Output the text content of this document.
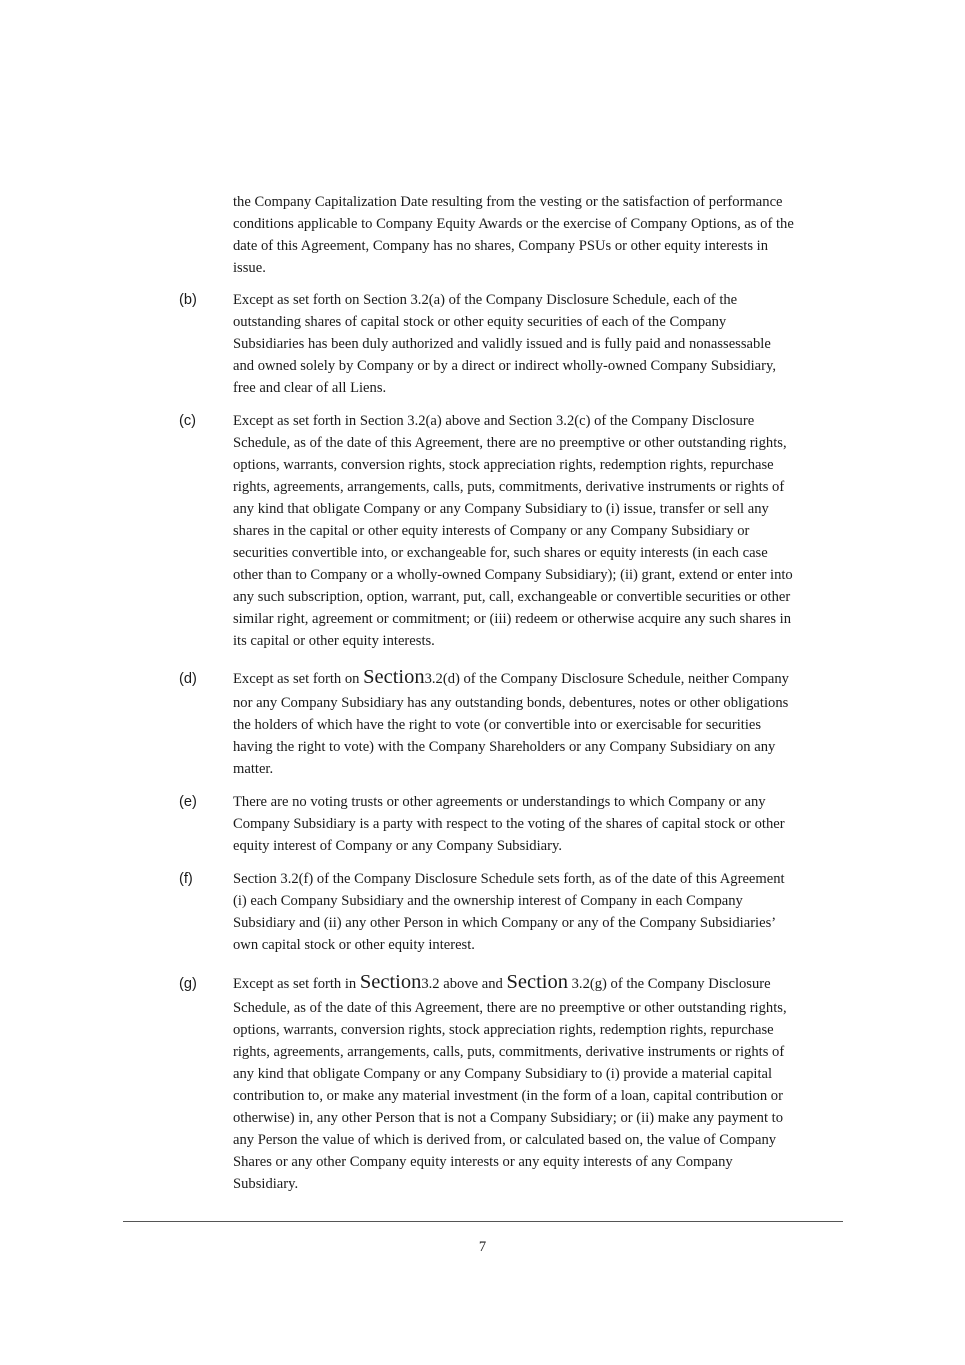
the Company Capitalization Date resulting from the vesting or the satisfaction of performance
conditions applicable to Company Equity Awards or the exercise of Company Options, as of the
date of this Agreement, Company has no shares, Company PSUs or other equity interests in
issue.
(b) Except as set forth on Section 3.2(a) of the Company Disclosure Schedule, each of the
outstanding shares of capital stock or other equity securities of each of the Company
Subsidiaries has been duly authorized and validly issued and is fully paid and nonassessable
and owned solely by Company or by a direct or indirect wholly-owned Company Subsidiary,
free and clear of all Liens.
(c)	Except as set forth in Section 3.2(a) above and Section 3.2(c) of the Company Disclosure
Schedule, as of the date of this Agreement, there are no preemptive or other outstanding rights,
options, warrants, conversion rights, stock appreciation rights, redemption rights, repurchase
rights, agreements, arrangements, calls, puts, commitments, derivative instruments or rights of
any kind that obligate Company or any Company Subsidiary to (i) issue, transfer or sell any
shares in the capital or other equity interests of Company or any Company Subsidiary or
securities convertible into, or exchangeable for, such shares or equity interests (in each case
other than to Company or a wholly-owned Company Subsidiary); (ii) grant, extend or enter into
any such subscription, option, warrant, put, call, exchangeable or convertible securities or other
similar right, agreement or commitment; or (iii) redeem or otherwise acquire any such shares in
its capital or other equity interests.
(d) Except as set forth on Section3.2(d) of the Company Disclosure Schedule, neither Company
nor any Company Subsidiary has any outstanding bonds, debentures, notes or other obligations
the holders of which have the right to vote (or convertible into or exercisable for securities
having the right to vote) with the Company Shareholders or any Company Subsidiary on any
matter.
(e) There are no voting trusts or other agreements or understandings to which Company or any
Company Subsidiary is a party with respect to the voting of the shares of capital stock or other
equity interest of Company or any Company Subsidiary.
(f)	Section 3.2(f) of the Company Disclosure Schedule sets forth, as of the date of this Agreement
(i) each Company Subsidiary and the ownership interest of Company in each Company
Subsidiary and (ii) any other Person in which Company or any of the Company Subsidiaries’
own capital stock or other equity interest.
(g) Except as set forth in Section3.2 above and Section 3.2(g) of the Company Disclosure
Schedule, as of the date of this Agreement, there are no preemptive or other outstanding rights,
options, warrants, conversion rights, stock appreciation rights, redemption rights, repurchase
rights, agreements, arrangements, calls, puts, commitments, derivative instruments or rights of
any kind that obligate Company or any Company Subsidiary to (i) provide a material capital
contribution to, or make any material investment (in the form of a loan, capital contribution or
otherwise) in, any other Person that is not a Company Subsidiary; or (ii) make any payment to
any Person the value of which is derived from, or calculated based on, the value of Company
Shares or any other Company equity interests or any equity interests of any Company
Subsidiary.
7
